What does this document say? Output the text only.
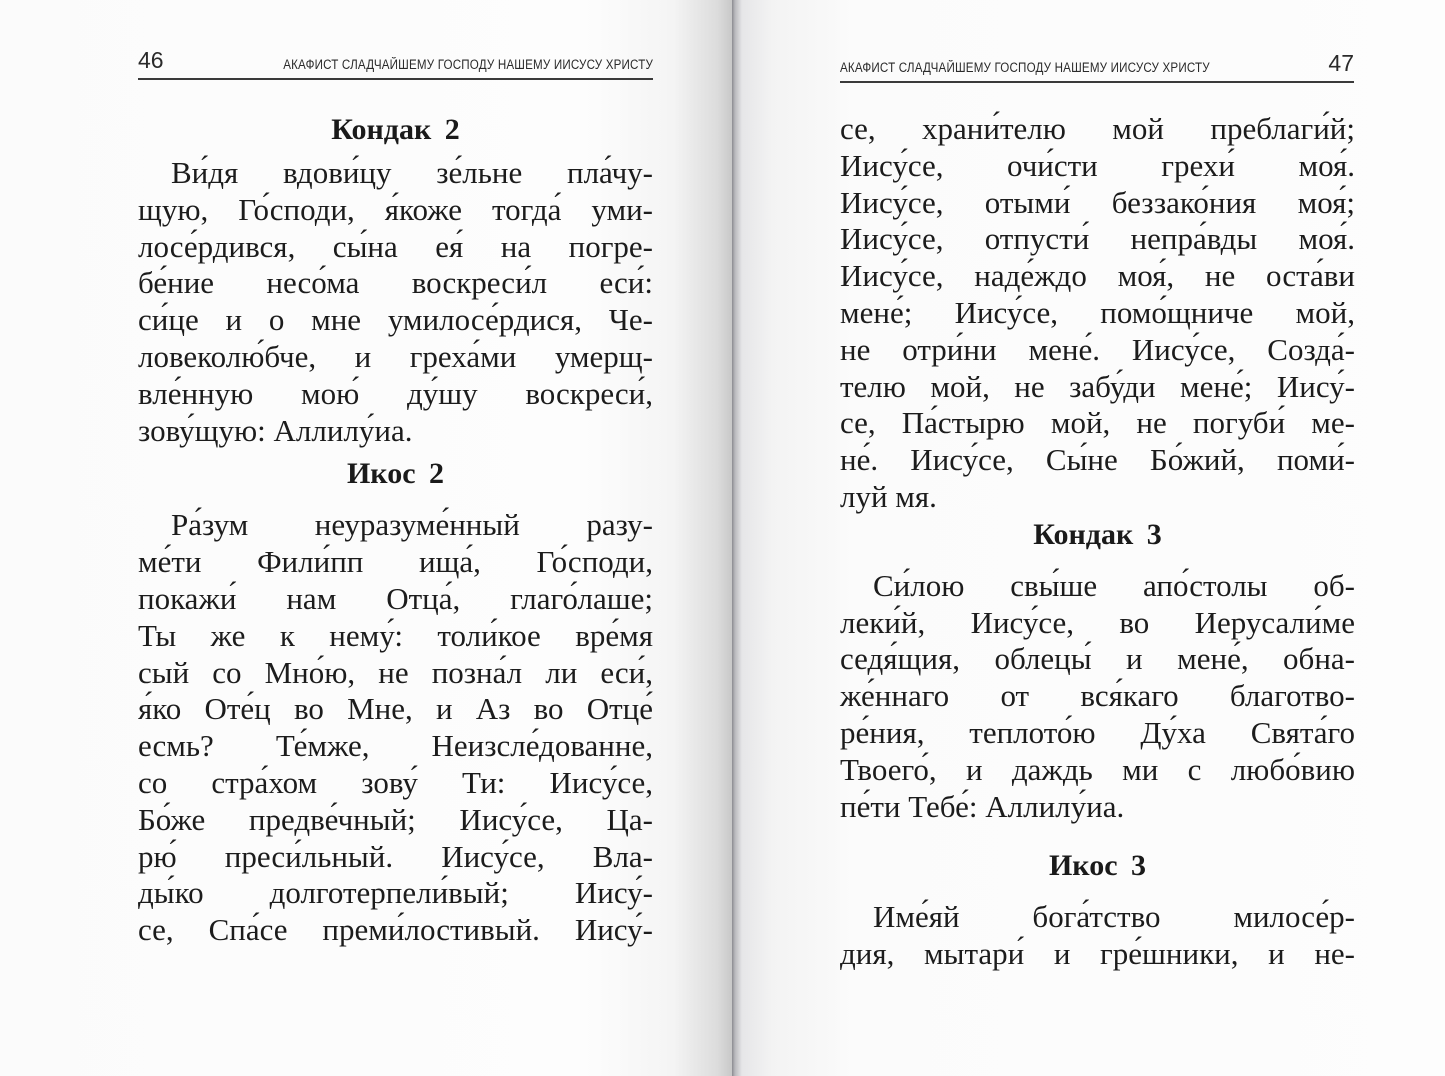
46	АКАФИСТ СЛАДЧАЙШЕМУ ГОСПОДУ НАШЕМУ ИИСУСУ ХРИСТУ
Кондак 2
Ви́дя вдови́цу зе́льне пла́чу-
щую, Го́споди, я́коже тогда́ уми-
лосе́рдився, сы́на ея́ на погре-
бе́ние несо́ма воскреси́л еси́:
си́це и о мне умилосе́рдися, Че-
ловеколю́бче, и греха́ми умерщ-
вле́нную мою́ ду́шу воскреси́,
зову́щую: Аллилу́иа.
Икос 2
Ра́зум неуразуме́нный разу-
ме́ти Фили́пп ища́, Го́споди,
покажи́ нам Отца́, глаго́лаше;
Ты же к нему́: толи́кое вре́мя
сый со Мно́ю, не позна́л ли еси́,
я́ко Оте́ц во Мне, и Аз во Отце́
есмь? Те́мже, Неизсле́дованне,
со стра́хом зову́ Ти: Иису́се,
Бо́же предве́чный; Иису́се, Ца-
рю́ преси́льный. Иису́се, Вла-
ды́ко долготерпели́вый; Иису́-
се, Спа́се преми́лостивый. Иису́-
АКАФИСТ СЛАДЧАЙШЕМУ ГОСПОДУ НАШЕМУ ИИСУСУ ХРИСТУ	47
се, храни́телю мой преблаги́й;
Иису́се, очи́сти грехи́ моя́.
Иису́се, отыми́ беззако́ния моя́;
Иису́се, отпусти́ непра́вды моя́.
Иису́се, наде́ждо моя́, не оста́ви
мене́; Иису́се, помо́щниче мой,
не отри́ни мене́. Иису́се, Созда́-
телю мой, не забу́ди мене́; Иису́-
се, Па́стырю мой, не погуби́ ме-
не́. Иису́се, Сы́не Бо́жий, поми́-
луй мя.
Кондак 3
Си́лою свы́ше апо́столы об-
леки́й, Иису́се, во Иерусали́ме
седя́щия, облецы́ и мене́, обна-
же́ннаго от вся́каго благотво-
ре́ния, теплото́ю Ду́ха Свята́го
Твоего́, и даждь ми с любо́вию
пе́ти Тебе́: Аллилу́иа.
Икос 3
Име́яй бога́тство милосе́р-
дия, мытари́ и гре́шники, и не-
